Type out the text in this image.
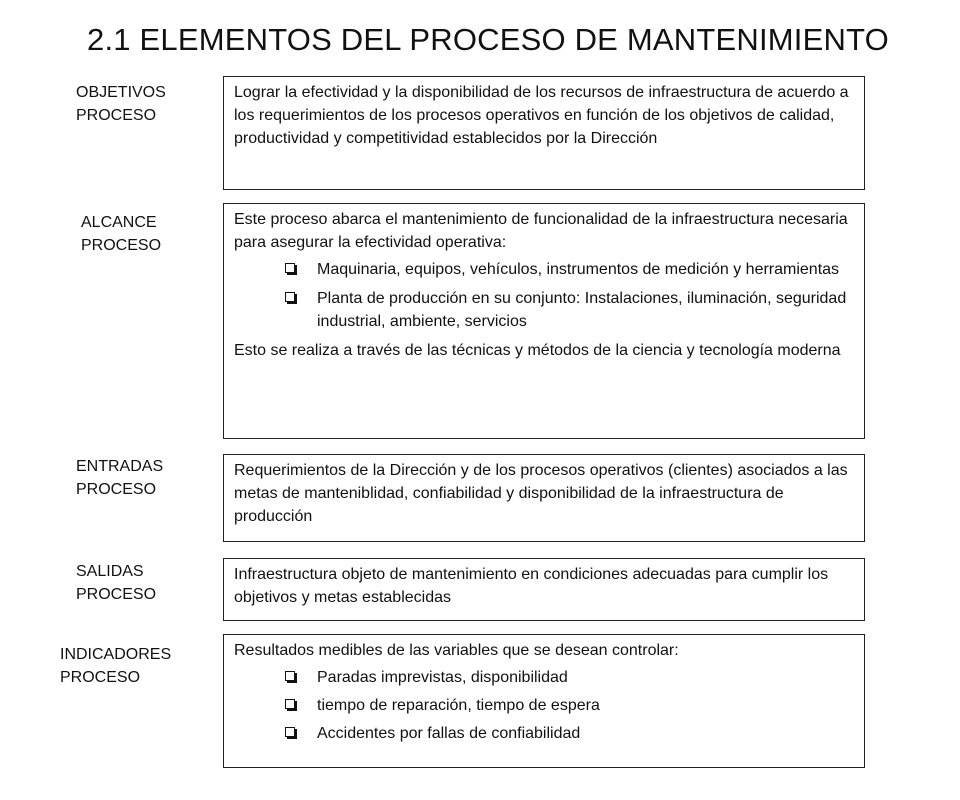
2.1 ELEMENTOS DEL PROCESO DE MANTENIMIENTO
OBJETIVOS
PROCESO

Lograr la efectividad y la disponibilidad de los recursos de infraestructura de acuerdo a los requerimientos de los procesos operativos en función de los objetivos de calidad, productividad y competitividad establecidos por la Dirección

ALCANCE
PROCESO

Este proceso abarca el mantenimiento de funcionalidad de la infraestructura necesaria para asegurar la efectividad operativa:

Maquinaria, equipos, vehículos, instrumentos de medición y herramientas
Planta de producción en su conjunto: Instalaciones, iluminación, seguridad industrial, ambiente, servicios

Esto se realiza a través de las técnicas y métodos de la ciencia y tecnología moderna

ENTRADAS
PROCESO

Requerimientos de la Dirección y de los procesos operativos (clientes) asociados a las metas de manteniblidad, confiabilidad y disponibilidad de la infraestructura de producción

SALIDAS
PROCESO

Infraestructura objeto de mantenimiento en condiciones adecuadas para cumplir los objetivos y metas establecidas

INDICADORES
PROCESO

Resultados medibles de las variables que se desean controlar:

Paradas imprevistas, disponibilidad
tiempo de reparación, tiempo de espera
Accidentes por fallas de confiabilidad
